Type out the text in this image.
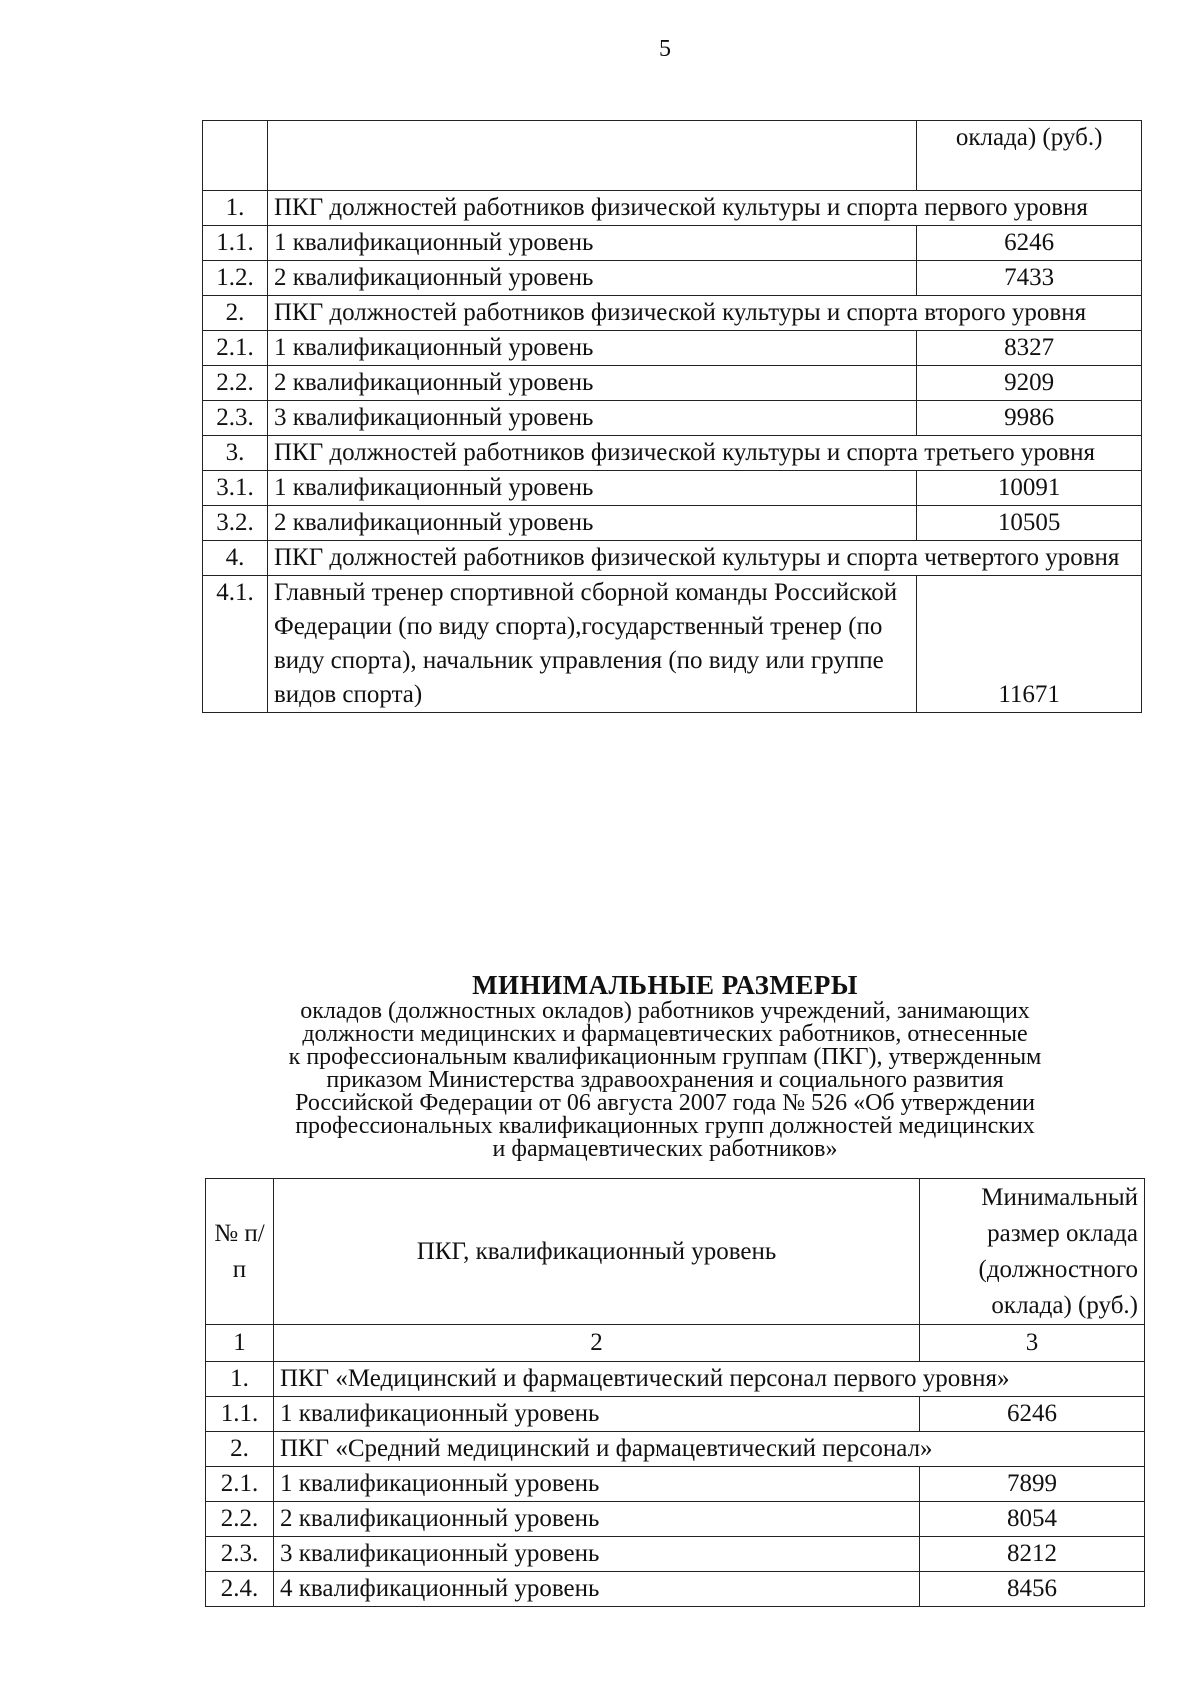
5
		оклада) (руб.)
1.	ПКГ должностей работников физической культуры и спорта первого уровня	
1.1.	1 квалификационный уровень	6246
1.2.	2 квалификационный уровень	7433
2.	ПКГ должностей работников физической культуры и спорта второго уровня	
2.1.	1 квалификационный уровень	8327
2.2.	2 квалификационный уровень	9209
2.3.	3 квалификационный уровень	9986
3.	ПКГ должностей работников физической культуры и спорта третьего уровня	
3.1.	1 квалификационный уровень	10091
3.2.	2 квалификационный уровень	10505
4.	ПКГ должностей работников физической культуры и спорта четвертого уровня	
4.1.	Главный тренер спортивной сборной команды Российской Федерации (по виду спорта),государственный тренер (по виду спорта), начальник управления (по виду или группе видов спорта)	11671
МИНИМАЛЬНЫЕ РАЗМЕРЫ
окладов (должностных окладов) работников учреждений, занимающих
должности медицинских и фармацевтических работников, отнесенные
к профессиональным квалификационным группам (ПКГ), утвержденным
приказом Министерства здравоохранения и социального развития
Российской Федерации от 06 августа 2007 года № 526 «Об утверждении
профессиональных квалификационных групп должностей медицинских
и фармацевтических работников»
№ п/п	ПКГ, квалификационный уровень	Минимальный размер оклада (должностного оклада) (руб.)
1	2	3
1.	ПКГ «Медицинский и фармацевтический персонал первого уровня»	
1.1.	1 квалификационный уровень	6246
2.	ПКГ «Средний медицинский и фармацевтический персонал»	
2.1.	1 квалификационный уровень	7899
2.2.	2 квалификационный уровень	8054
2.3.	3 квалификационный уровень	8212
2.4.	4 квалификационный уровень	8456
